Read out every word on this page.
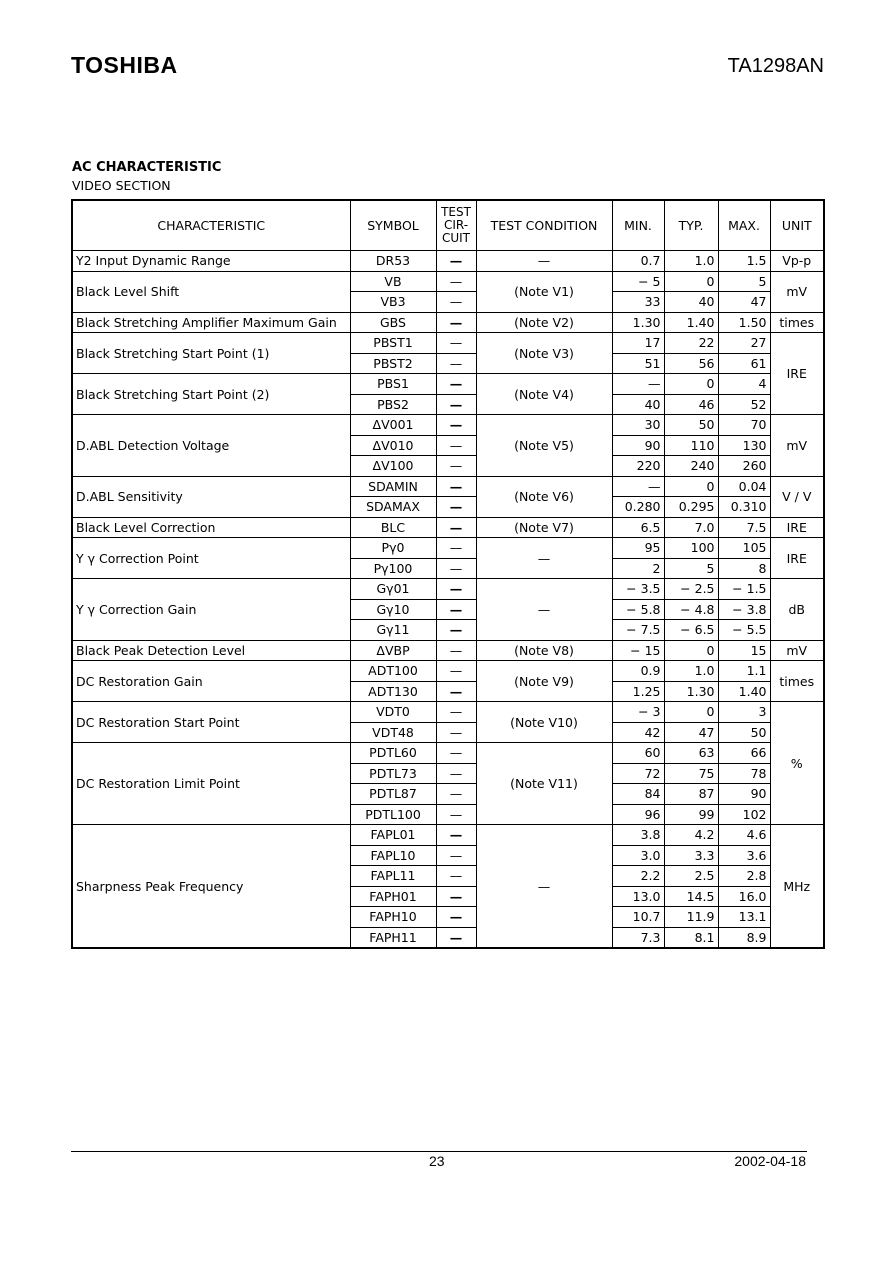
TOSHIBA	TA1298AN
AC CHARACTERISTIC
VIDEO SECTION
CHARACTERISTIC	SYMBOL	TEST
CIR-
CUIT	TEST CONDITION	MIN.	TYP.	MAX.	UNIT
Y2 Input Dynamic Range	DR53	—	—	0.7	1.0	1.5	Vp-p
Black Level Shift	VB	—	(Note V1)	− 5	0	5	mV
	VB3	—		33	40	47	
Black Stretching Amplifier Maximum Gain	GBS	—	(Note V2)	1.30	1.40	1.50	times
Black Stretching Start Point (1)	PBST1	—	(Note V3)	17	22	27	IRE
	PBST2	—		51	56	61	
Black Stretching Start Point (2)	PBS1	—	(Note V4)	—	0	4	
	PBS2	—		40	46	52	
D.ABL Detection Voltage	ΔV001	—	(Note V5)	30	50	70	mV
	ΔV010	—		90	110	130	
	ΔV100	—		220	240	260	
D.ABL Sensitivity	SDAMIN	—	(Note V6)	—	0	0.04	V / V
	SDAMAX	—		0.280	0.295	0.310	
Black Level Correction	BLC	—	(Note V7)	6.5	7.0	7.5	IRE
Y γ Correction Point	Pγ0	—	—	95	100	105	IRE
	Pγ100	—		2	5	8	
Y γ Correction Gain	Gγ01	—	—	− 3.5	− 2.5	− 1.5	dB
	Gγ10	—		− 5.8	− 4.8	− 3.8	
	Gγ11	—		− 7.5	− 6.5	− 5.5	
Black Peak Detection Level	ΔVBP	—	(Note V8)	− 15	0	15	mV
DC Restoration Gain	ADT100	—	(Note V9)	0.9	1.0	1.1	times
	ADT130	—		1.25	1.30	1.40	
DC Restoration Start Point	VDT0	—	(Note V10)	− 3	0	3	%
	VDT48	—		42	47	50	
DC Restoration Limit Point	PDTL60	—	(Note V11)	60	63	66	
	PDTL73	—		72	75	78	
	PDTL87	—		84	87	90	
	PDTL100	—		96	99	102	
Sharpness Peak Frequency	FAPL01	—	—	3.8	4.2	4.6	MHz
	FAPL10	—		3.0	3.3	3.6	
	FAPL11	—		2.2	2.5	2.8	
	FAPH01	—		13.0	14.5	16.0	
	FAPH10	—		10.7	11.9	13.1	
	FAPH11	—		7.3	8.1	8.9	
23	2002-04-18
